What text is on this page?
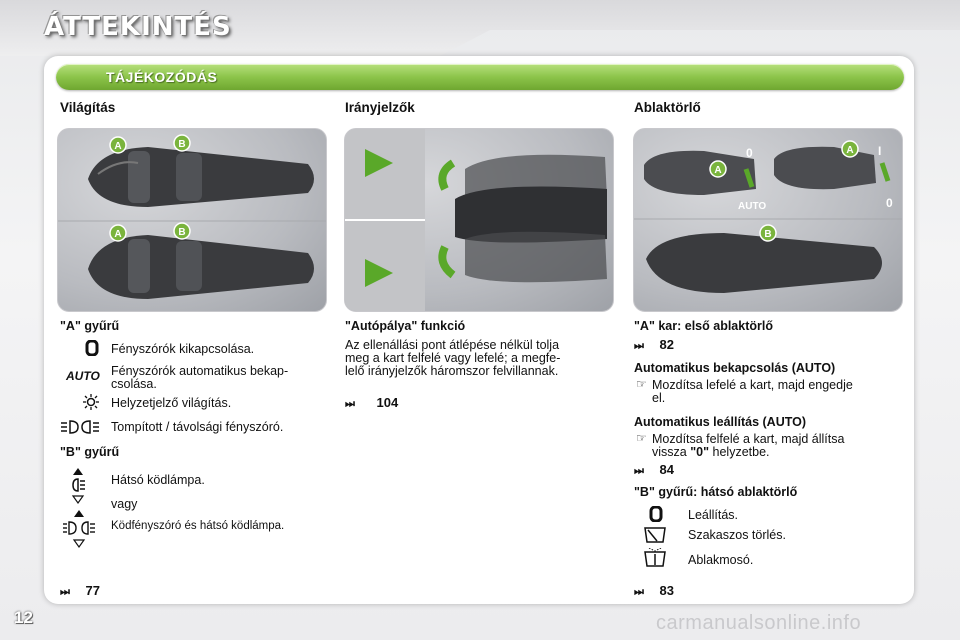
ÁTTEKINTÉS
TÁJÉKOZÓDÁS
Világítás	Irányjelzők	Ablaktörlő
A	B
A	B
A
A
B
0
AUTO
I
0
"A" gyűrű
Fényszórók kikapcsolása.
AUTO Fényszórók automatikus bekap-
csolása.
Helyzetjelző világítás.
Tompított / távolsági fényszóró.
"B" gyűrű
Hátsó ködlámpa.
vagy
Ködfényszóró és hátsó ködlámpa.
⏭ 77
"Autópálya" funkció
Az ellenállási pont átlépése nélkül tolja
meg a kart felfelé vagy lefelé; a megfe-
lelő irányjelzők háromszor felvillannak.
⏭ 104
"A" kar: első ablaktörlő
⏭ 82
Automatikus bekapcsolás (AUTO)
☞ Mozdítsa lefelé a kart, majd engedje
el.
Automatikus leállítás (AUTO)
☞ Mozdítsa felfelé a kart, majd állítsa
vissza "0" helyzetbe.
⏭ 84
"B" gyűrű: hátsó ablaktörlő
Leállítás.
Szakaszos törlés.
Ablakmosó.
⏭ 83
12	carmanualsonline.info
